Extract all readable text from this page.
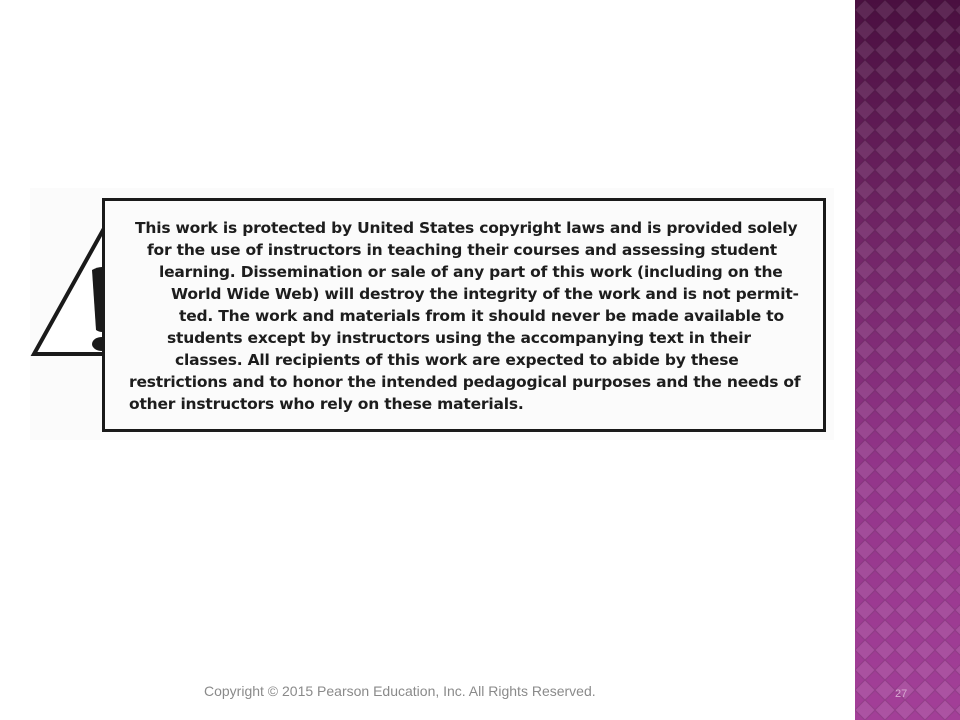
This work is protected by United States copyright laws and is provided solely
for the use of instructors in teaching their courses and assessing student
learning. Dissemination or sale of any part of this work (including on the
World Wide Web) will destroy the integrity of the work and is not permit-
ted. The work and materials from it should never be made available to
students except by instructors using the accompanying text in their
classes. All recipients of this work are expected to abide by these
restrictions and to honor the intended pedagogical purposes and the needs of
other instructors who rely on these materials.
Copyright © 2015 Pearson Education, Inc. All Rights Reserved.	27
